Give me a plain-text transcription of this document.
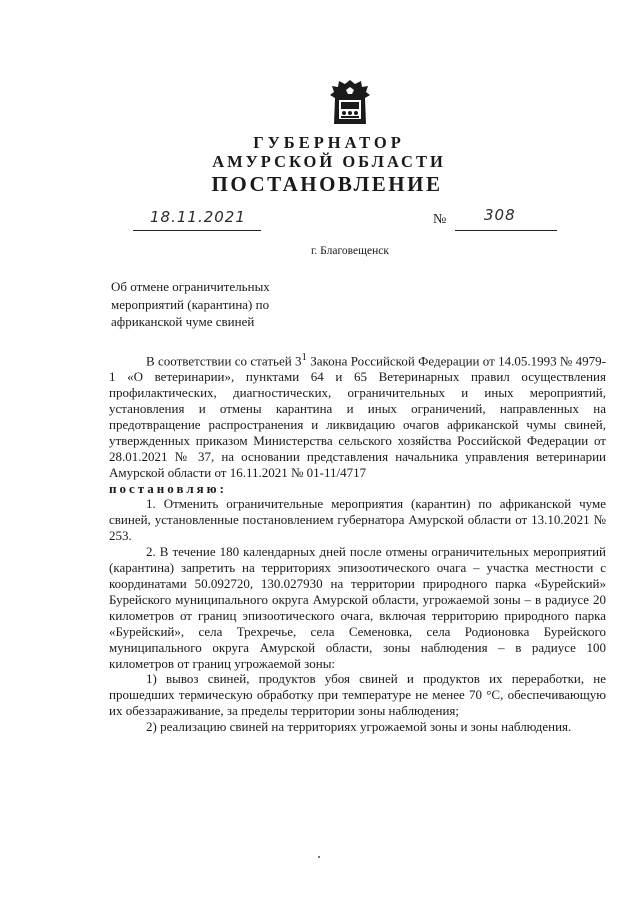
ГУБЕРНАТОР
АМУРСКОЙ ОБЛАСТИ
ПОСТАНОВЛЕНИЕ
18.11.2021	№	308
г. Благовещенск
Об отмене ограничительных мероприятий (карантина) по африканской чуме свиней

В соответствии со статьей $3^1$ Закона Российской Федерации от 14.05.1993 № 4979-1 «О ветеринарии», пунктами 64 и 65 Ветеринарных правил осуществления профилактических, диагностических, ограничительных и иных мероприятий, установления и отмены карантина и иных ограничений, направленных на предотвращение распространения и ликвидацию очагов африканской чумы свиней, утвержденных приказом Министерства сельского хозяйства Российской Федерации от 28.01.2021 № 37, на основании представления начальника управления ветеринарии Амурской области от 16.11.2021 № 01-11/4717

постановляю:

1. Отменить ограничительные мероприятия (карантин) по африканской чуме свиней, установленные постановлением губернатора Амурской области от 13.10.2021 № 253.

2. В течение 180 календарных дней после отмены ограничительных мероприятий (карантина) запретить на территориях эпизоотического очага – участка местности с координатами 50.092720, 130.027930 на территории природного парка «Бурейский» Бурейского муниципального округа Амурской области, угрожаемой зоны – в радиусе 20 километров от границ эпизоотического очага, включая территорию природного парка «Бурейский», села Трехречье, села Семеновка, села Родионовка Бурейского муниципального округа Амурской области, зоны наблюдения – в радиусе 100 километров от границ угрожаемой зоны:

1) вывоз свиней, продуктов убоя свиней и продуктов их переработки, не прошедших термическую обработку при температуре не менее 70 °С, обеспечивающую их обеззараживание, за пределы территории зоны наблюдения;

2) реализацию свиней на территориях угрожаемой зоны и зоны наблюдения.
